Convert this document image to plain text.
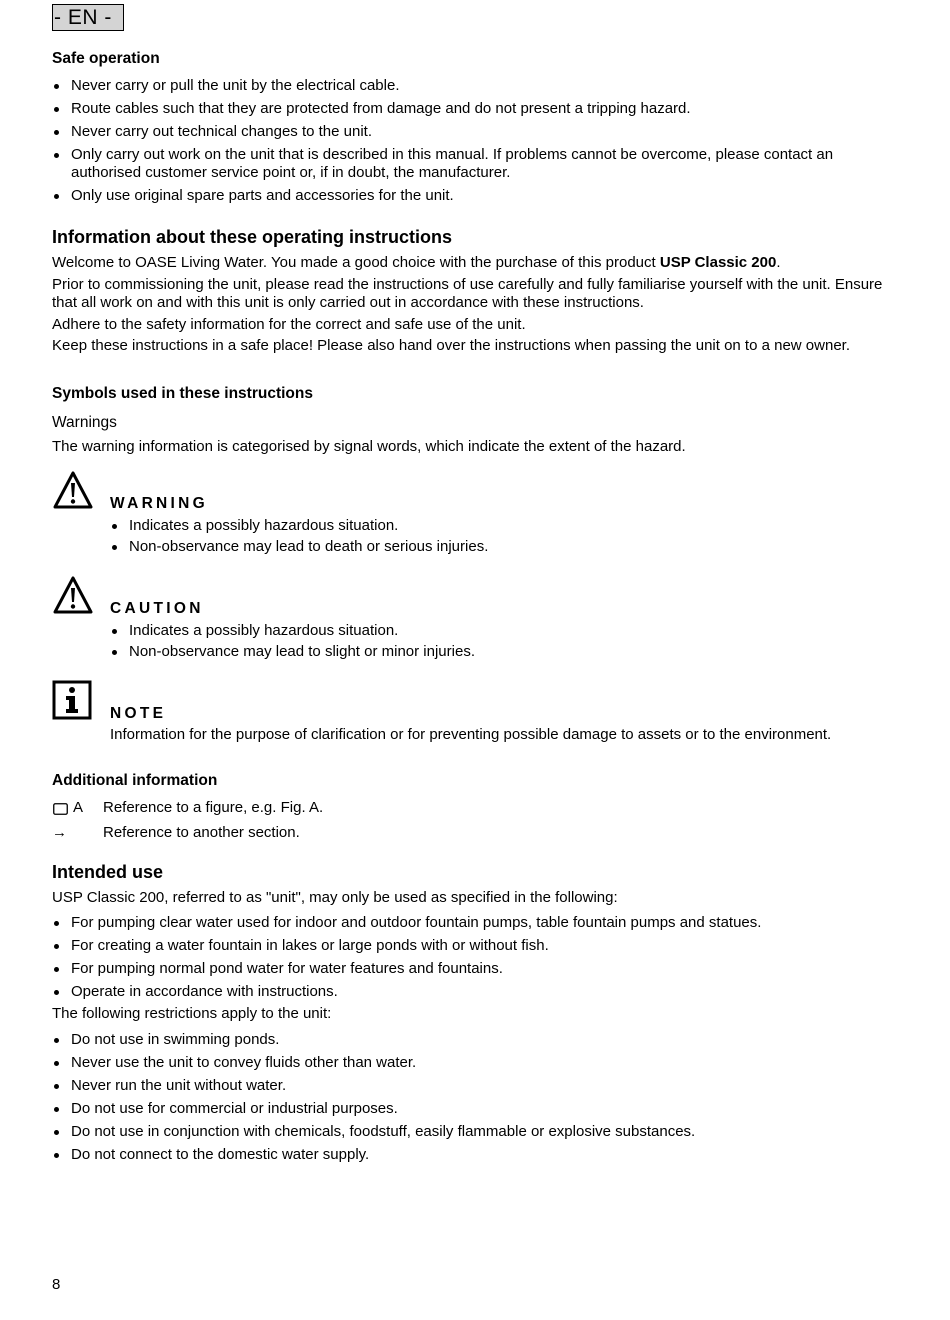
- EN -
Safe operation
Never carry or pull the unit by the electrical cable.
Route cables such that they are protected from damage and do not present a tripping hazard.
Never carry out technical changes to the unit.
Only carry out work on the unit that is described in this manual. If problems cannot be overcome, please contact an authorised customer service point or, if in doubt, the manufacturer.
Only use original spare parts and accessories for the unit.
Information about these operating instructions

Welcome to OASE Living Water. You made a good choice with the purchase of this product USP Classic 200.

Prior to commissioning the unit, please read the instructions of use carefully and fully familiarise yourself with the unit. Ensure that all work on and with this unit is only carried out in accordance with these instructions.

Adhere to the safety information for the correct and safe use of the unit.

Keep these instructions in a safe place! Please also hand over the instructions when passing the unit on to a new owner.

Symbols used in these instructions
Warnings
The warning information is categorised by signal words, which indicate the extent of the hazard.
WARNING
Indicates a possibly hazardous situation.
Non-observance may lead to death or serious injuries.
CAUTION
Indicates a possibly hazardous situation.
Non-observance may lead to slight or minor injuries.
NOTE
Information for the purpose of clarification or for preventing possible damage to assets or to the environment.
Additional information
A Reference to a figure, e.g. Fig. A.
→ Reference to another section.
Intended use
USP Classic 200, referred to as "unit", may only be used as specified in the following:
For pumping clear water used for indoor and outdoor fountain pumps, table fountain pumps and statues.
For creating a water fountain in lakes or large ponds with or without fish.
For pumping normal pond water for water features and fountains.
Operate in accordance with instructions.
The following restrictions apply to the unit:
Do not use in swimming ponds.
Never use the unit to convey fluids other than water.
Never run the unit without water.
Do not use for commercial or industrial purposes.
Do not use in conjunction with chemicals, foodstuff, easily flammable or explosive substances.
Do not connect to the domestic water supply.
8
